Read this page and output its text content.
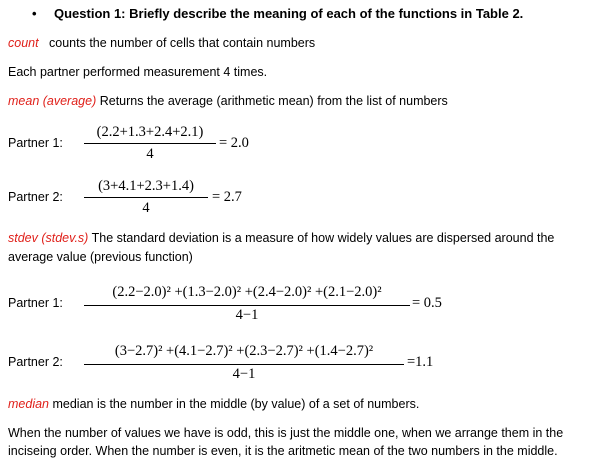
• Question 1: Briefly describe the meaning of each of the functions in Table 2.
count counts the number of cells that contain numbers
Each partner performed measurement 4 times.
mean (average) Returns the average (arithmetic mean) from the list of numbers
Partner 1:
(2.2+1.3+2.4+2.1)
4
= 2.0
Partner 2:
(3+4.1+2.3+1.4)
4
= 2.7
stdev (stdev.s) The standard deviation is a measure of how widely values are dispersed around the
average value (previous function)
Partner 1:
(2.2−2.0)² +(1.3−2.0)² +(2.4−2.0)² +(2.1−2.0)²
4−1
= 0.5
Partner 2:
(3−2.7)² +(4.1−2.7)² +(2.3−2.7)² +(1.4−2.7)²
4−1
=1.1
median median is the number in the middle (by value) of a set of numbers.
When the number of values we have is odd, this is just the middle one, when we arrange them in the
inciseing order. When the number is even, it is the aritmetic mean of the two numbers in the middle.
